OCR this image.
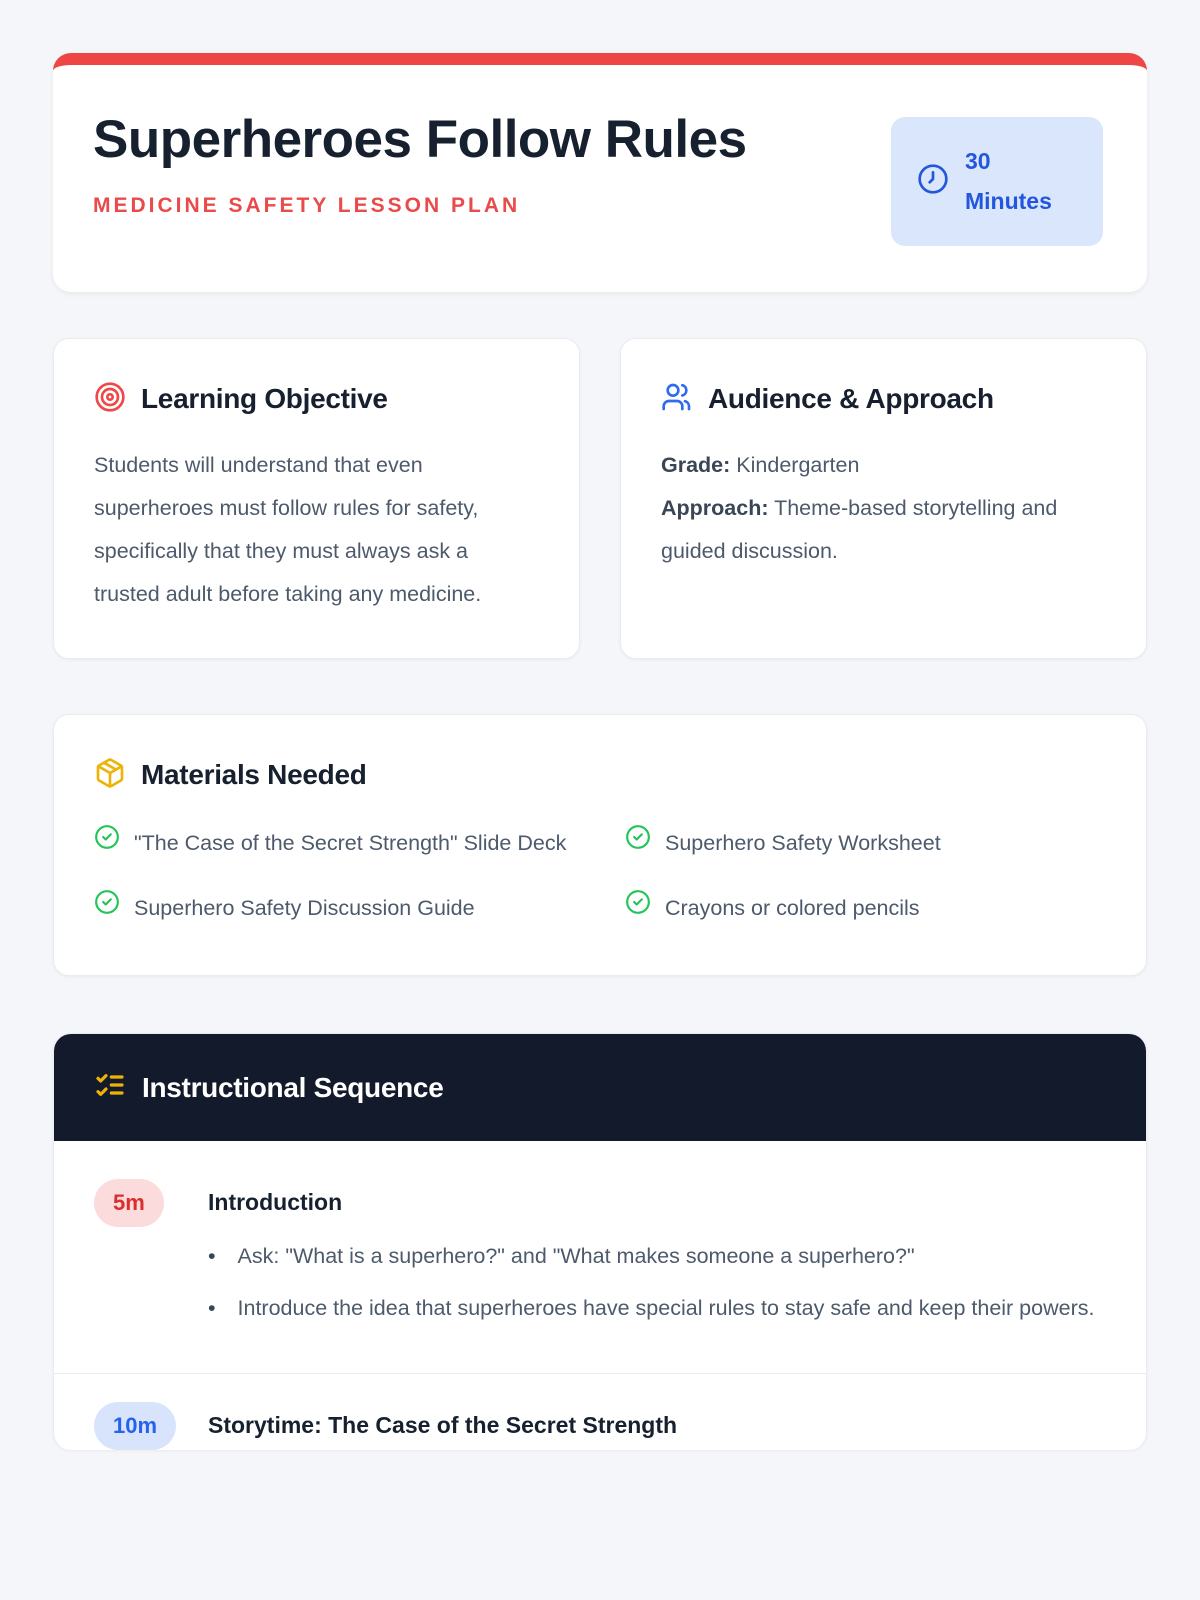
Superheroes Follow Rules
MEDICINE SAFETY LESSON PLAN
30
Minutes
Learning Objective

Students will understand that even superheroes must follow rules for safety, specifically that they must always ask a trusted adult before taking any medicine.

Audience & Approach

Grade: Kindergarten
Approach: Theme-based storytelling and guided discussion.

Materials Needed
"The Case of the Secret Strength" Slide Deck
Superhero Safety Discussion Guide
Superhero Safety Worksheet
Crayons or colored pencils
Instructional Sequence
5m	Introduction
• Ask: "What is a superhero?" and "What makes someone a superhero?"
• Introduce the idea that superheroes have special rules to stay safe and keep their powers.
10m	Storytime: The Case of the Secret Strength
